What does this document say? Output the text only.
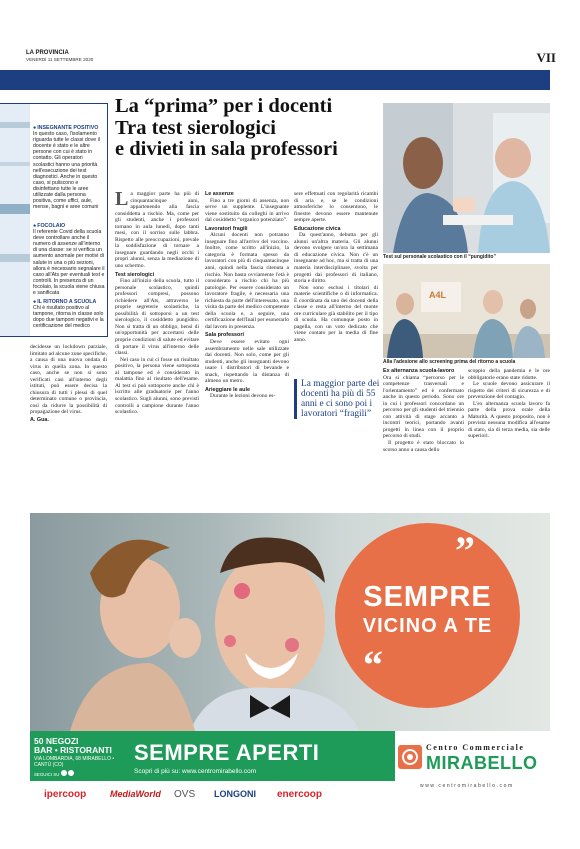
LA PROVINCIA
VENERDÌ 11 SETTEMBRE 2020	VII
● INSEGNANTE POSITIVO
In questo caso, l'isolamento riguarda tutte le classi dove il docente è stato e le altre persone con cui è stato in contatto. Gli operatori scolastici hanno una priorità nell'esecuzione dei test diagnostici. Anche in questo caso, si puliscono e disinfettano tutte le aree utilizzate dalla persona positiva, come uffici, aule, mense, bagni e aree comuni
● FOCOLAIO
Il referente Covid della scuola deve controllare anche il numero di assenze all'interno di una classe: se si verifica un aumento anomale per motivi di salute in una o più sezioni, allora è necessario segnalare il caso all'Ats per eventuali test e controlli. In presenza di un focolaio, la scuola viene chiusa e sanificata
● IL RITORNO A SCUOLA
Chi è risultato positivo al tampone, ritorna in classe solo dopo due tamponi negativi e la certificazione del medico
decidesse un lockdown parziale, limitato ad alcune zone specifiche, a causa di una nuova ondata di virus in quella zona. In questo caso, anche se non si sono verificati casi all'interno degli istituti, può essere decisa la chiusura di tutti i plessi di quel determinato comune o provincia, così da ridurre la possibilità di propagazione del virus.
A. Gua.
La “prima” per i docenti
Tra test sierologici
e divieti in sala professori

La maggior parte ha più di cinquantacinque anni, appartenendo alla fascia considdetta a rischio. Ma, come per gli studenti, anche i professori tornano in aula lunedì, dopo tanti mesi, con il sorriso sulle labbra. Rispetto alle preoccupazioni, prevale la soddisfazione di tornare a insegnare guardando negli occhi i propri alunni, senza la mediazione di uno schermo.

Test sierologici

Fino all'inizio della scuola, tutto il personale scolastico, quindi professori compresi, possono richiedere all'Ats, attraverso le proprie segreterie scolastiche, la possibilità di sottoporsi a un test sierologico, il cosiddetto pungidito. Non si tratta di un obbligo, bensì di un'opportunità per accertarsi delle proprie condizioni di salute ed evitare di portare il virus all'interno delle classi.

Nel caso in cui ci fosse un risultato positivo, la persona viene sottoposta al tampone ed è considerato in malattia fino al risultato dell'esame. Al test si può sottoporre anche chi è iscritto alle graduatorie per l'anno scolastico. Sugli alunni, sono previsti controlli a campione durante l'anno scolastico.

Le assenze

Fino a tre giorni di assenza, non serve un supplente. L'insegnante viene sostituito da colleghi in arrivo dal cosiddetto “organico potenziato”.

Lavoratori fragili

Alcuni docenti non potranno insegnare fino all'arrivo del vaccino. Inoltre, come scritto all'inizio, la categoria è formata spesso da lavoratori con più di cinquantacinque anni, quindi nella fascia ritenuta a rischio. Non basta ovviamente l'età è considerato a rischio chi ha più patologie. Per essere considerato un lavoratore fragile, è necessaria una richiesta da parte dell'interessato, una visita da parte del medico competente della scuola e, a seguire, una certificazione dell'Inail per esonerarlo dal lavoro in presenza.

Sala professori

Deve essere evitato ogni assembramento nelle sale utilizzate dai docenti. Non solo, come per gli studenti, anche gli insegnanti devono usare i distributori di bevande e snack, rispettando la distanza di almeno un metro.

Arieggiare le aule

Durante le lezioni devono es-

sere effettuati con regolarità ricambi di aria e, se le condizioni atmosferiche lo consentono, le finestre devono essere mantenute sempre aperte.

Educazione civica

Da quest'anno, debutta per gli alunni un'altra materia. Gli alunni devono svolgere un'ora la settimana di educazione civica. Non c'è un insegnante ad hoc, ma si tratta di una materia interdisciplinare, svolta per progetti dai professori di italiano, storia e diritto.

Non sono esclusi i titolari di materie scientifiche o di informatica. È coordinata da uno dei docenti della classe e resta all'interno del monte ore curriculare già stabilito per il tipo di scuola. Ha comunque posto in pagella, con un voto dedicato che viene contato per la media di fine anno.

La maggior parte dei docenti ha più di 55 anni e ci sono poi i lavoratori “fragili”
Test sul personale scolastico con il “pungidito”
A4L
Alla l'adesione allo screening prima del ritorno a scuola
Ex alternanza scuola-lavoro

Ora si chiama “percorso per le competenze trasversali e l'orientamento” ed è confermato anche in questo periodo. Sono ore in cui i professori concordano un percorso per gli studenti del triennio con attività di stage accanto a incontri teorici, portando avanti progetti in linea con il proprio percorso di studi.

Il progetto è stato bloccato lo scorso anno a causa dello

scoppio della pandemia e le ore obbligatorie erano state ridotte.

Le scuole devono assicurare il rispetto dei criteri di sicurezza e di prevenzione del contagio.

L'ex alternanza scuola lavoro fa parte della prova orale della Maturità. A questo proposito, non è prevista nessuna modifica all'esame di stato, sia di terza media, sia delle superiori.

”
SEMPRE
VICINO A TE
“
50 NEGOZI
BAR • RISTORANTI
VIA LOMBARDIA, 68 MIRABELLO • CANTÙ (CO)
SEGUICI SU
SEMPRE APERTI
Scopri di più su: www.centromirabello.com
Centro Commerciale
MIRABELLO
www.centromirabello.com
ipercoop	MediaWorld OVS LONGONI enercoop
